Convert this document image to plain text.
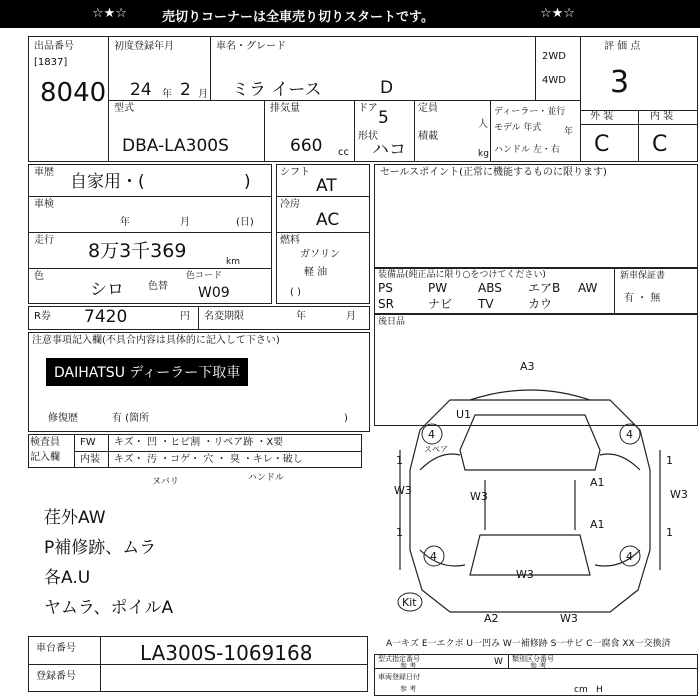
☆★☆	売切りコーナーは全車売り切りスタートです。	☆★☆
出品番号
[1837]
8040
初度登録年月
24 年 2 月
車名・グレード
ミラ イース	D
2WD
4WD
評 価 点
3
型式
DBA-LA300S
排気量
660 cc
ドア 5
形状
ハコ
定員
人
積載
kg
ディーラー・並行
モデル 年式	年
ハンドル 左・右
外 装	内 装
C C
車歴 自家用・(	)
車検
年	月	(日)
走行 8万3千369	km
色
シロ 色替
色コード
W09
シフト
AT
冷房
AC
燃料
ガソリン
軽 油
( )
セールスポイント(正常に機能するものに限ります)
装備品(純正品に限り○をつけてください)
PS	PW	ABS エアB AW
SR	ナビ TV	カウ
新車保証書
有 ・ 無
R券 7420	円 名変期限	年	月 後日品
注意事項記入欄(不具合内容は具体的に記入して下さい)
DAIHATSU ディーラー下取車
修復歴	有 (箇所	)
検査員
記入欄
FW キズ・ 凹 ・ヒビ割 ・リペア跡 ・X要
内装 キズ・ 汚 ・コゲ・ 穴 ・ 臭 ・キレ・破し
ヌバリ	ハンドル
荏外AW
P補修跡、ムラ
各A.U
ヤムラ、ポイルA
A3
U1
4	4
W3	W3
A1
A1
W3
4	4
W3
Kit
A2	W3
1
1
1
1
スペア
車台番号	LA300S-1069168
登録番号
A一キズ E一エクボ U一凹み W一補修跡 S一サビ C一腐食 XX一交換済
型式指定番号
参 考	W 類別区分番号
参 考
車両登録日付
参 考	cm H
